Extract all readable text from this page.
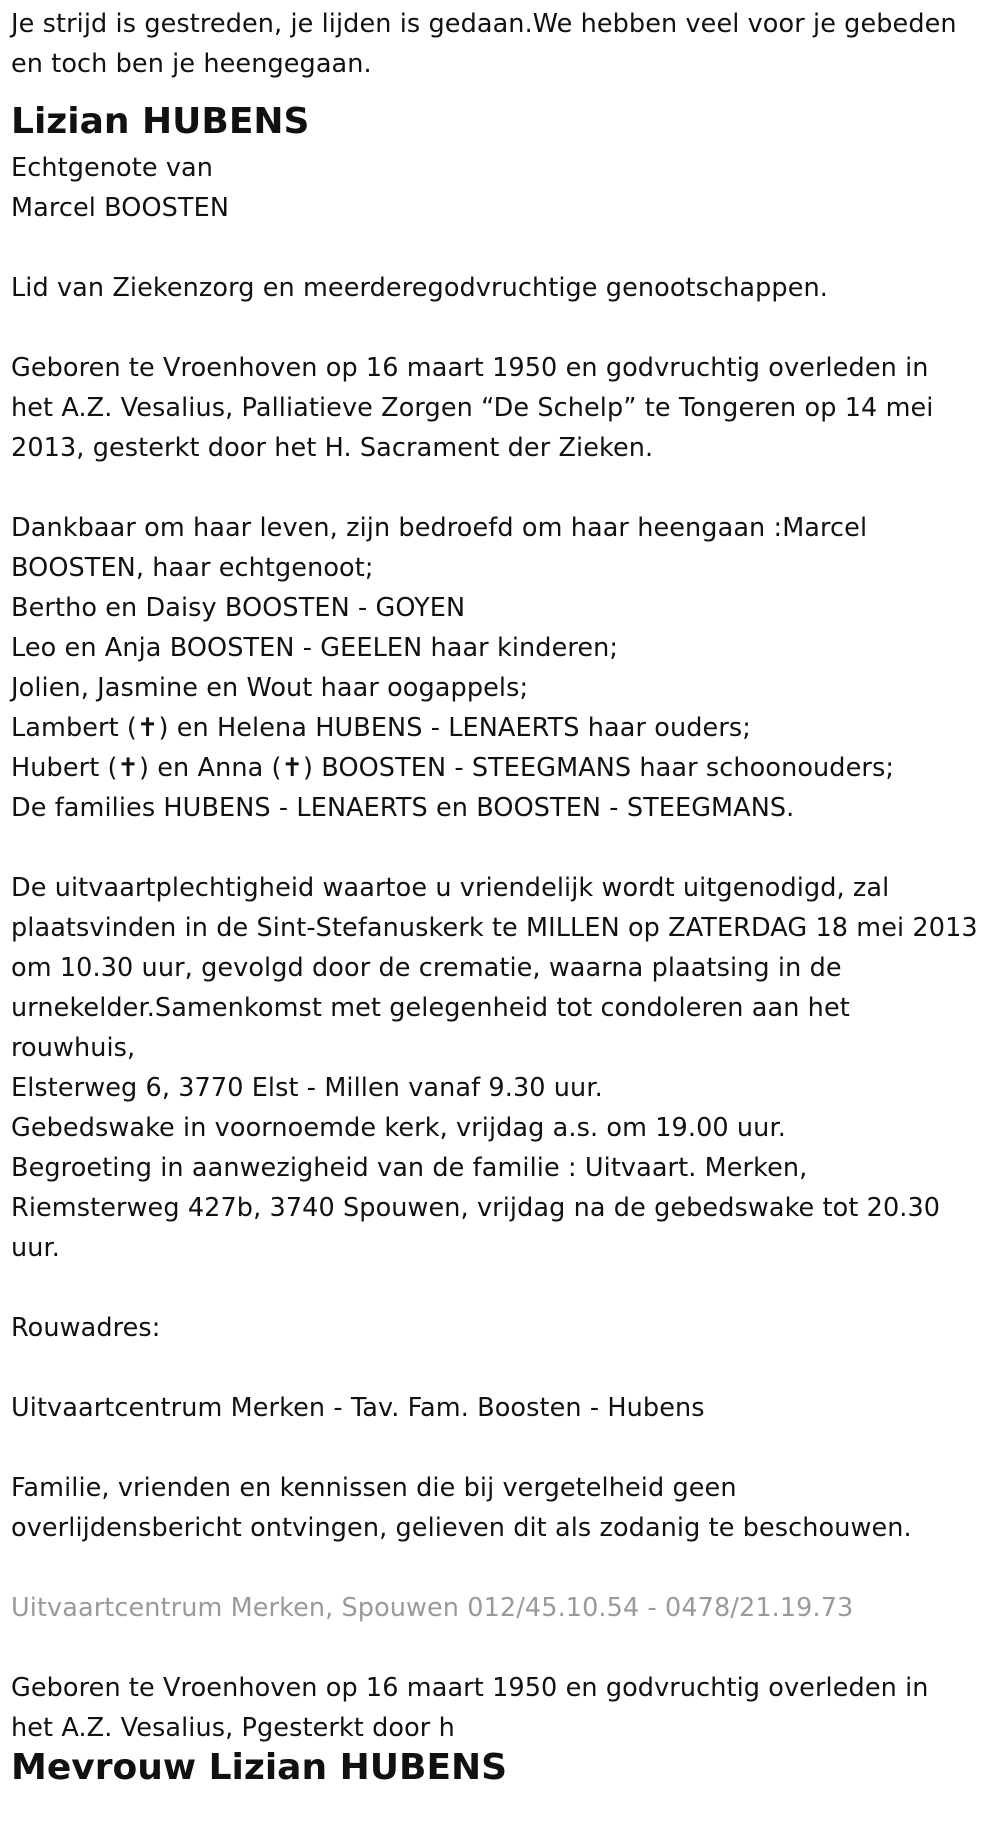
Je strijd is gestreden, je lijden is gedaan.We hebben veel voor je gebeden
en toch ben je heengegaan.

Lizian HUBENS

Echtgenote van
Marcel BOOSTEN

Lid van Ziekenzorg en meerderegodvruchtige genootschappen.

Geboren te Vroenhoven op 16 maart 1950 en godvruchtig overleden in
het A.Z. Vesalius, Palliatieve Zorgen “De Schelp” te Tongeren op 14 mei
2013, gesterkt door het H. Sacrament der Zieken.

Dankbaar om haar leven, zijn bedroefd om haar heengaan :Marcel
BOOSTEN, haar echtgenoot;
Bertho en Daisy BOOSTEN - GOYEN
Leo en Anja BOOSTEN - GEELEN haar kinderen;
Jolien, Jasmine en Wout haar oogappels;
Lambert (✝) en Helena HUBENS - LENAERTS haar ouders;
Hubert (✝) en Anna (✝) BOOSTEN - STEEGMANS haar schoonouders;
De families HUBENS - LENAERTS en BOOSTEN - STEEGMANS.

De uitvaartplechtigheid waartoe u vriendelijk wordt uitgenodigd, zal
plaatsvinden in de Sint-Stefanuskerk te MILLEN op ZATERDAG 18 mei 2013
om 10.30 uur, gevolgd door de crematie, waarna plaatsing in de
urnekelder.Samenkomst met gelegenheid tot condoleren aan het
rouwhuis,
Elsterweg 6, 3770 Elst - Millen vanaf 9.30 uur.
Gebedswake in voornoemde kerk, vrijdag a.s. om 19.00 uur.
Begroeting in aanwezigheid van de familie : Uitvaart. Merken,
Riemsterweg 427b, 3740 Spouwen, vrijdag na de gebedswake tot 20.30
uur.

Rouwadres:

Uitvaartcentrum Merken - Tav. Fam. Boosten - Hubens

Familie, vrienden en kennissen die bij vergetelheid geen
overlijdensbericht ontvingen, gelieven dit als zodanig te beschouwen.

Uitvaartcentrum Merken, Spouwen 012/45.10.54 - 0478/21.19.73

Geboren te Vroenhoven op 16 maart 1950 en godvruchtig overleden in
het A.Z. Vesalius, Pgesterkt door h

Mevrouw Lizian HUBENS
